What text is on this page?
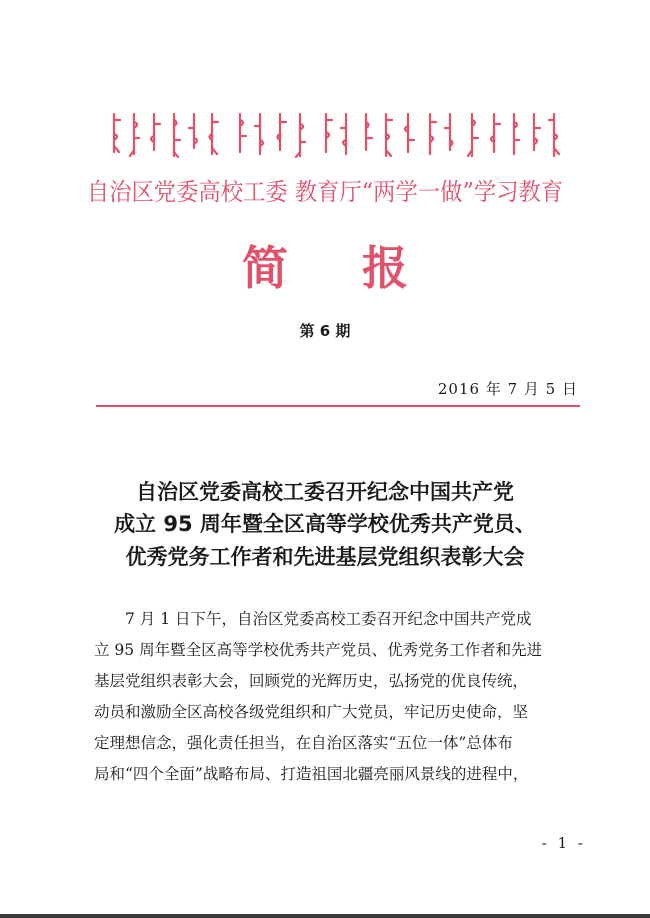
自治区党委高校工委 教育厅“两学一做”学习教育
简报
第 6 期
2016 年 7 月 5 日
自治区党委高校工委召开纪念中国共产党
成立 95 周年暨全区高等学校优秀共产党员、
优秀党务工作者和先进基层党组织表彰大会
　　7 月 1 日下午，自治区党委高校工委召开纪念中国共产党成
立 95 周年暨全区高等学校优秀共产党员、优秀党务工作者和先进
基层党组织表彰大会，回顾党的光辉历史，弘扬党的优良传统，
动员和激励全区高校各级党组织和广大党员，牢记历史使命，坚
定理想信念，强化责任担当，在自治区落实“五位一体”总体布
局和“四个全面”战略布局、打造祖国北疆亮丽风景线的进程中，
- 1 -
